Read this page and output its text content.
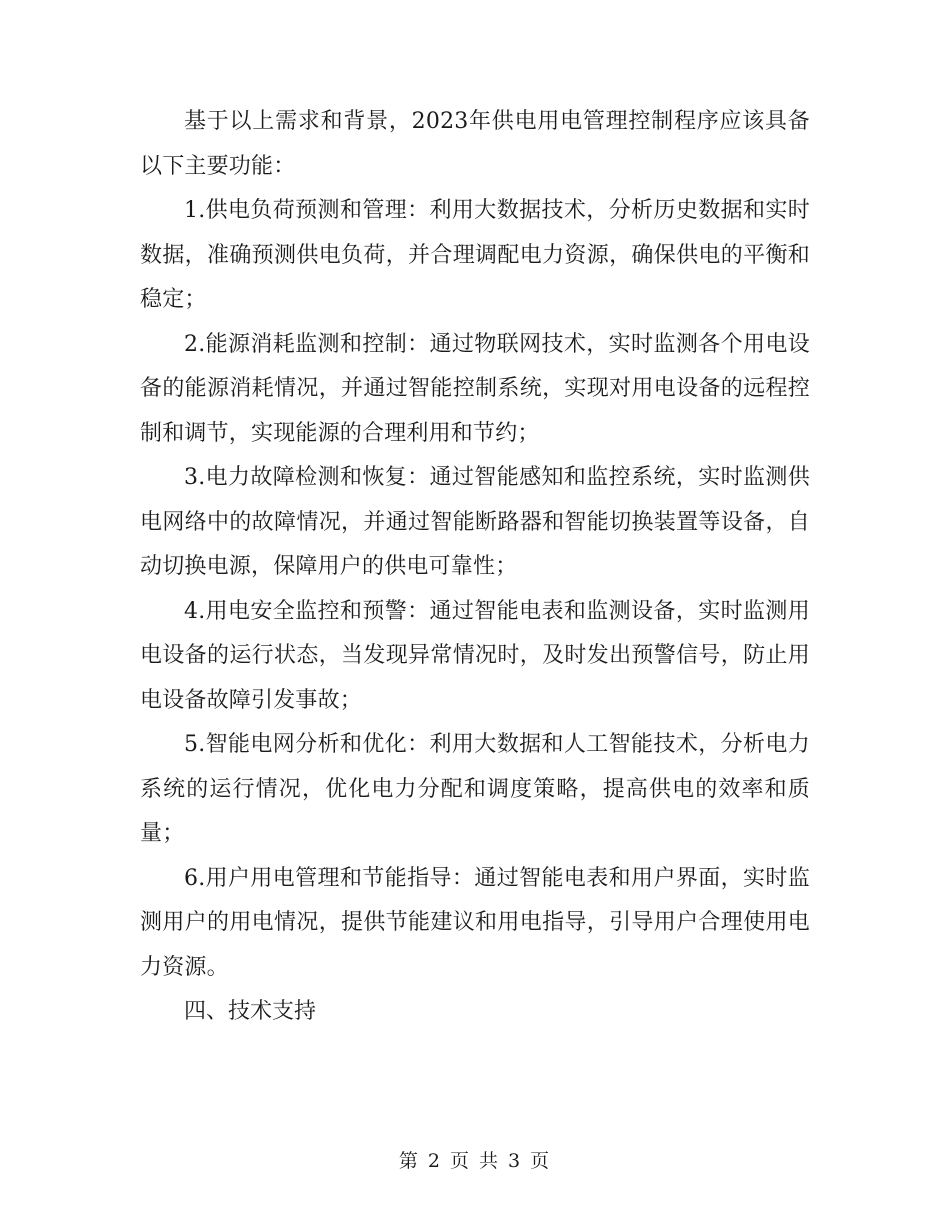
基于以上需求和背景，2023年供电用电管理控制程序应该具备以下主要功能：

1.供电负荷预测和管理：利用大数据技术，分析历史数据和实时数据，准确预测供电负荷，并合理调配电力资源，确保供电的平衡和稳定；

2.能源消耗监测和控制：通过物联网技术，实时监测各个用电设备的能源消耗情况，并通过智能控制系统，实现对用电设备的远程控制和调节，实现能源的合理利用和节约；

3.电力故障检测和恢复：通过智能感知和监控系统，实时监测供电网络中的故障情况，并通过智能断路器和智能切换装置等设备，自动切换电源，保障用户的供电可靠性；

4.用电安全监控和预警：通过智能电表和监测设备，实时监测用电设备的运行状态，当发现异常情况时，及时发出预警信号，防止用电设备故障引发事故；

5.智能电网分析和优化：利用大数据和人工智能技术，分析电力系统的运行情况，优化电力分配和调度策略，提高供电的效率和质量；

6.用户用电管理和节能指导：通过智能电表和用户界面，实时监测用户的用电情况，提供节能建议和用电指导，引导用户合理使用电力资源。

四、技术支持

第 2 页 共 3 页
